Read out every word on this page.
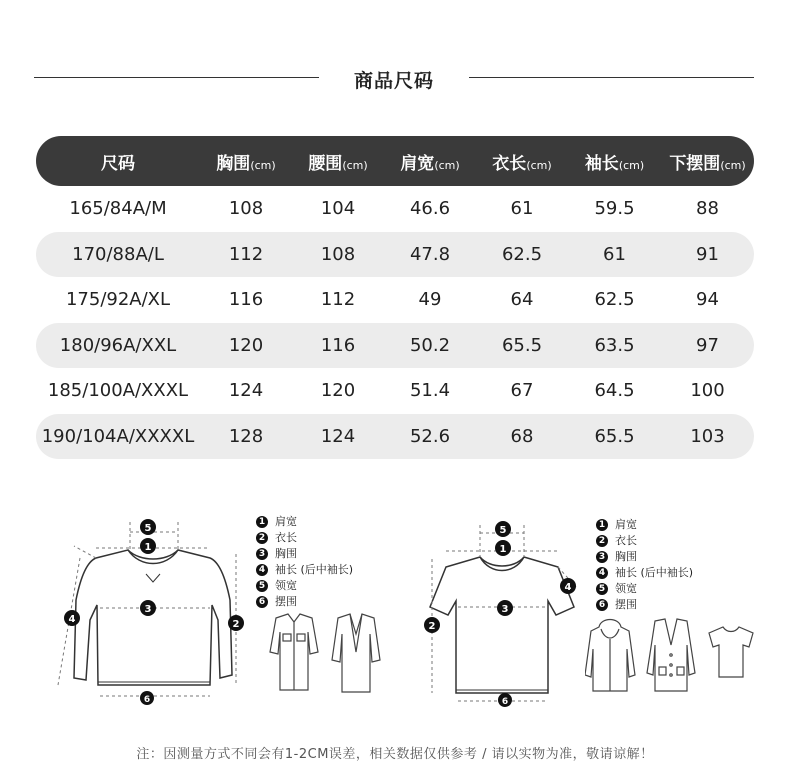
商品尺码
尺码	胸围(cm)	腰围(cm)	肩宽(cm)	衣长(cm)	袖长(cm)	下摆围(cm)
165/84A/M	108	104	46.6	61	59.5	88
170/88A/L	112	108	47.8	62.5	61	91
175/92A/XL	116	112	49	64	62.5	94
180/96A/XXL	120	116	50.2	65.5	63.5	97
185/100A/XXXL	124	120	51.4	67	64.5	100
190/104A/XXXXL	128	124	52.6	68	65.5	103
5
1
3
2
4
6
1 肩宽
2 衣长
3 胸围
4 袖长 (后中袖长)
5 领宽
6 摆围
5
1
3
2
4
6
1 肩宽
2 衣长
3 胸围
4 袖长 (后中袖长)
5 领宽
6 摆围
注：因测量方式不同会有1-2CM误差，相关数据仅供参考 / 请以实物为准，敬请谅解！
